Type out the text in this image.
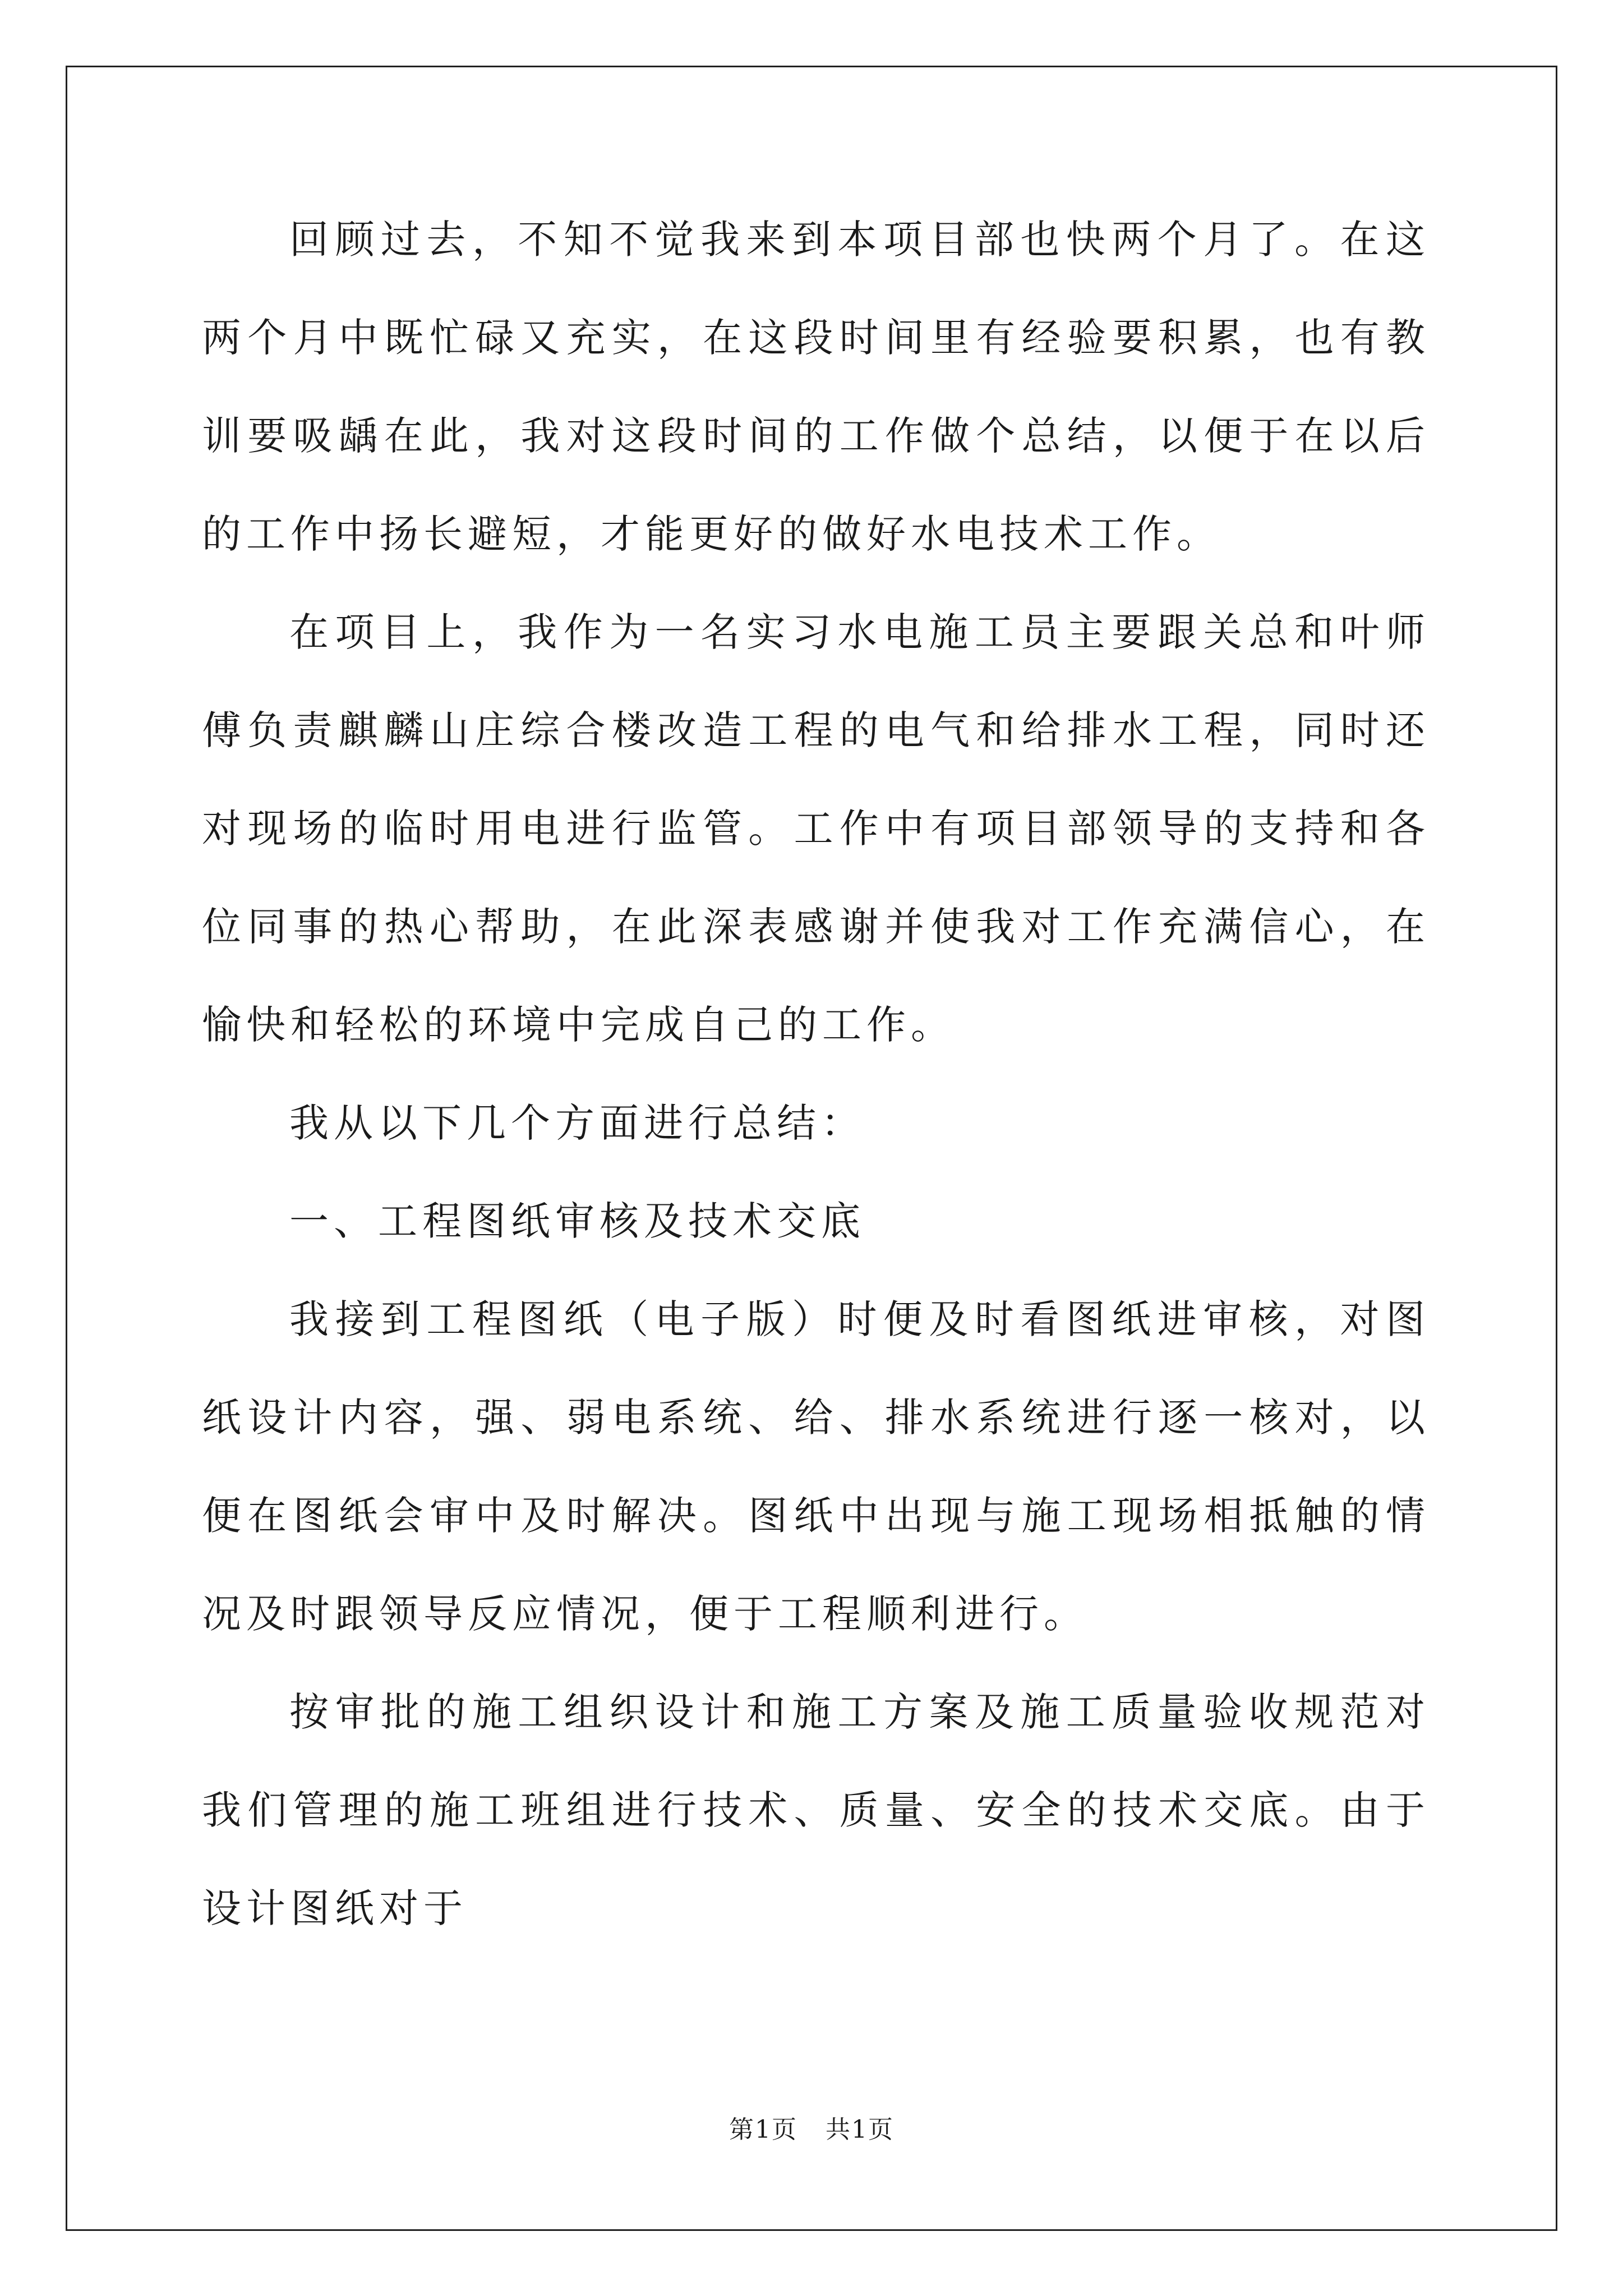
回顾过去，不知不觉我来到本项目部也快两个月了。在这两个月中既忙碌又充实，在这段时间里有经验要积累，也有教训要吸龋在此，我对这段时间的工作做个总结，以便于在以后的工作中扬长避短，才能更好的做好水电技术工作。

在项目上，我作为一名实习水电施工员主要跟关总和叶师傅负责麒麟山庄综合楼改造工程的电气和给排水工程，同时还对现场的临时用电进行监管。工作中有项目部领导的支持和各位同事的热心帮助，在此深表感谢并使我对工作充满信心，在愉快和轻松的环境中完成自己的工作。

我从以下几个方面进行总结：

一、工程图纸审核及技术交底

我接到工程图纸（电子版）时便及时看图纸进审核，对图纸设计内容，强、弱电系统、给、排水系统进行逐一核对，以便在图纸会审中及时解决。图纸中出现与施工现场相抵触的情况及时跟领导反应情况，便于工程顺利进行。

按审批的施工组织设计和施工方案及施工质量验收规范对我们管理的施工班组进行技术、质量、安全的技术交底。由于设计图纸对于

第1页 共1页
